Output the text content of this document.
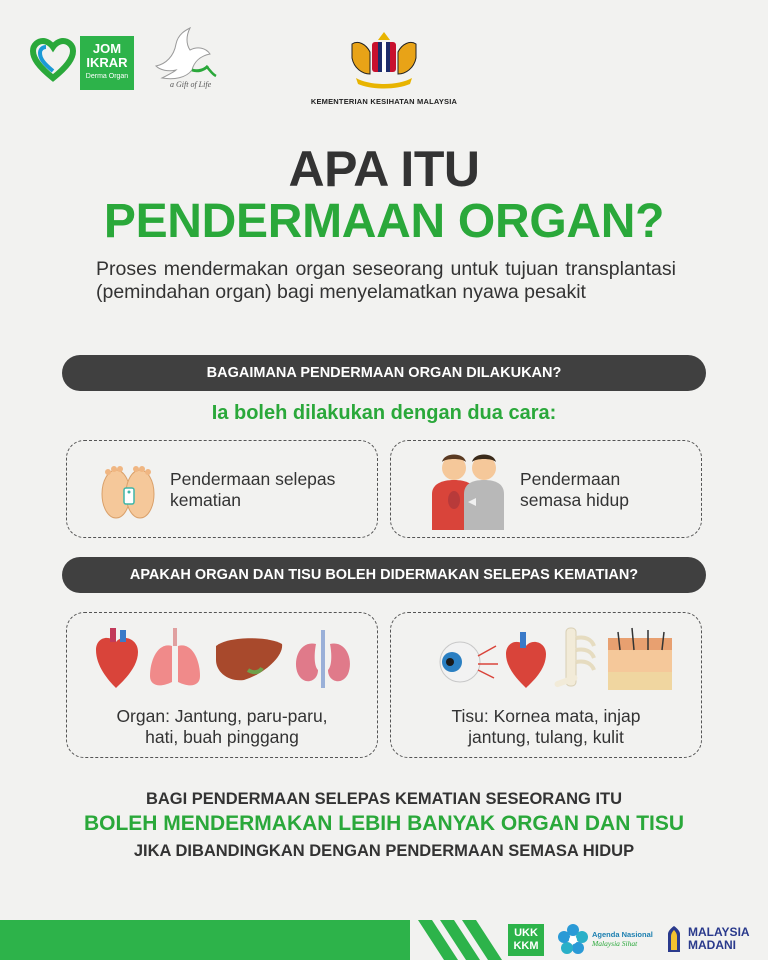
JOM
IKRAR
Derma Organ
a Gift of Life
KEMENTERIAN KESIHATAN MALAYSIA
APA ITU
PENDERMAAN ORGAN?
Proses mendermakan organ seseorang untuk tujuan transplantasi (pemindahan organ) bagi menyelamatkan nyawa pesakit
BAGAIMANA PENDERMAAN ORGAN DILAKUKAN?
Ia boleh dilakukan dengan dua cara:
Pendermaan selepas
kematian
Pendermaan
semasa hidup
APAKAH ORGAN DAN TISU BOLEH DIDERMAKAN SELEPAS KEMATIAN?
Organ: Jantung, paru-paru,
hati, buah pinggang
Tisu: Kornea mata, injap
jantung, tulang, kulit
BAGI PENDERMAAN SELEPAS KEMATIAN SESEORANG ITU
BOLEH MENDERMAKAN LEBIH BANYAK ORGAN DAN TISU
JIKA DIBANDINGKAN DENGAN PENDERMAAN SEMASA HIDUP
UKK
KKM
Agenda Nasional
Malaysia Sihat
MALAYSIA
MADANI
